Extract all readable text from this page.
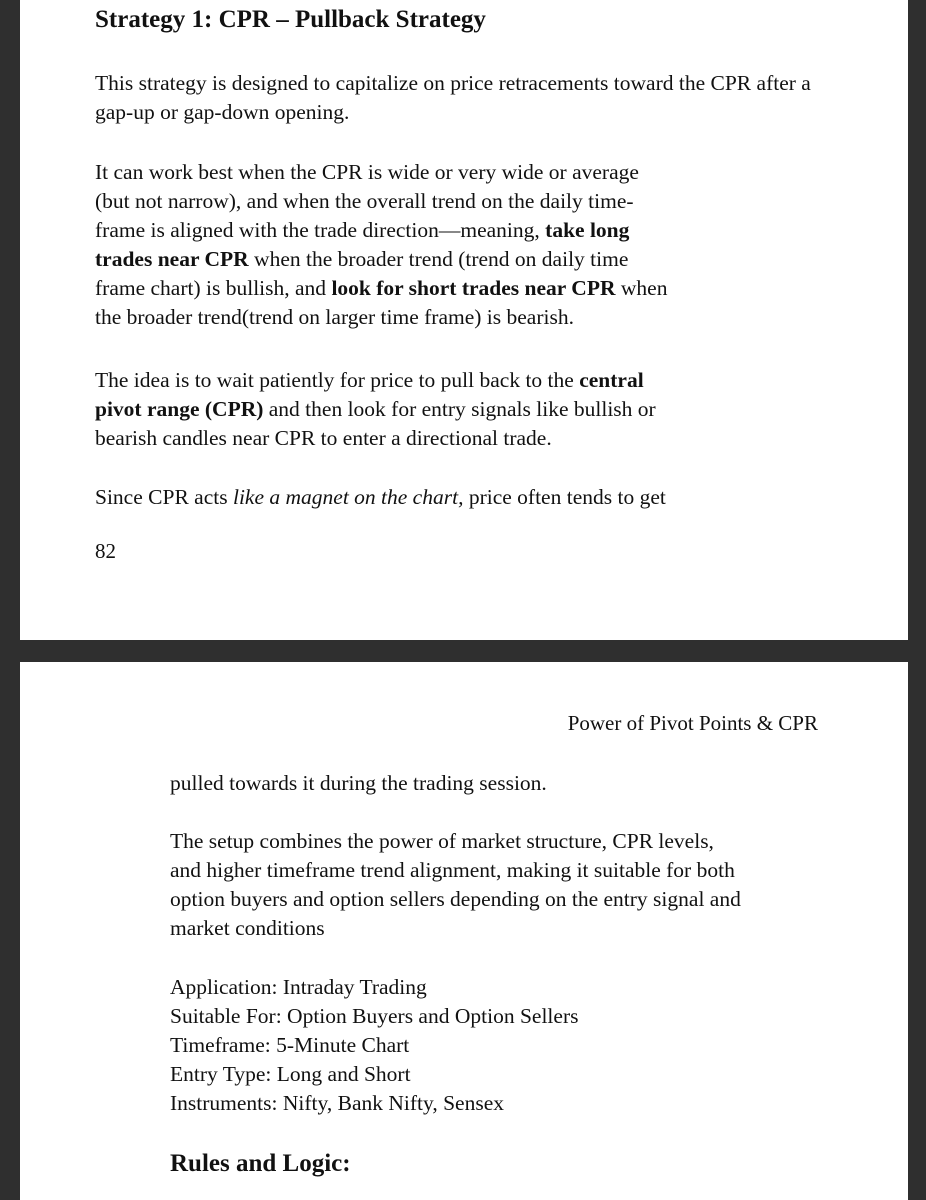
Strategy 1: CPR – Pullback Strategy

This strategy is designed to capitalize on price retracements toward the CPR after a gap-up or gap-down opening.

It can work best when the CPR is wide or very wide or average
(but not narrow), and when the overall trend on the daily time-
frame is aligned with the trade direction—meaning, take long
trades near CPR when the broader trend (trend on daily time
frame chart) is bullish, and look for short trades near CPR when
the broader trend(trend on larger time frame) is bearish.

The idea is to wait patiently for price to pull back to the central
pivot range (CPR) and then look for entry signals like bullish or
bearish candles near CPR to enter a directional trade.

Since CPR acts like a magnet on the chart, price often tends to get

82
Power of Pivot Points & CPR

pulled towards it during the trading session.

The setup combines the power of market structure, CPR levels,
and higher timeframe trend alignment, making it suitable for both
option buyers and option sellers depending on the entry signal and
market conditions

Application: Intraday Trading
Suitable For: Option Buyers and Option Sellers
Timeframe: 5-Minute Chart
Entry Type: Long and Short
Instruments: Nifty, Bank Nifty, Sensex
Rules and Logic:
